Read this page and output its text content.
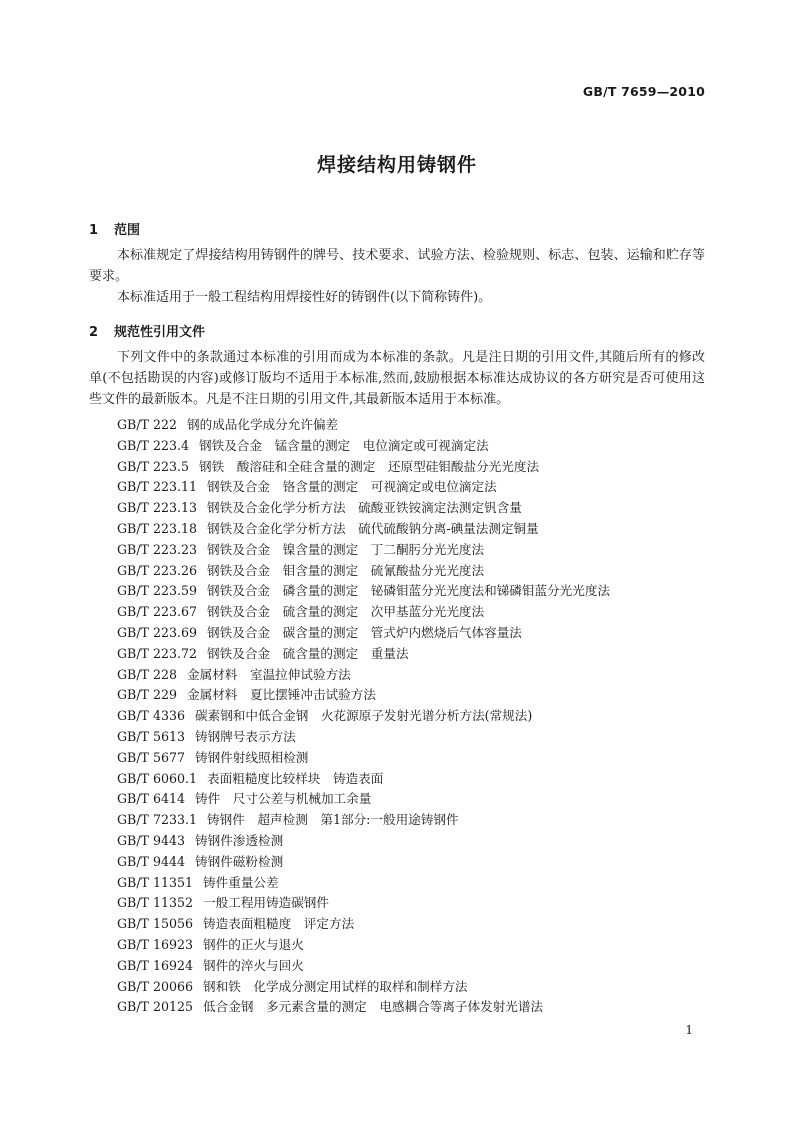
GB/T 7659—2010
焊接结构用铸钢件
1 范围

本标准规定了焊接结构用铸钢件的牌号、技术要求、试验方法、检验规则、标志、包装、运输和贮存等要求。

本标准适用于一般工程结构用焊接性好的铸钢件(以下简称铸件)。

2 规范性引用文件

下列文件中的条款通过本标准的引用而成为本标准的条款。凡是注日期的引用文件,其随后所有的修改单(不包括勘误的内容)或修订版均不适用于本标准,然而,鼓励根据本标准达成协议的各方研究是否可使用这些文件的最新版本。凡是不注日期的引用文件,其最新版本适用于本标准。

GB/T 222 钢的成品化学成分允许偏差
GB/T 223.4 钢铁及合金　锰含量的测定　电位滴定或可视滴定法
GB/T 223.5 钢铁　酸溶硅和全硅含量的测定　还原型硅钼酸盐分光光度法
GB/T 223.11 钢铁及合金　铬含量的测定　可视滴定或电位滴定法
GB/T 223.13 钢铁及合金化学分析方法　硫酸亚铁铵滴定法测定钒含量
GB/T 223.18 钢铁及合金化学分析方法　硫代硫酸钠分离-碘量法测定铜量
GB/T 223.23 钢铁及合金　镍含量的测定　丁二酮肟分光光度法
GB/T 223.26 钢铁及合金　钼含量的测定　硫氰酸盐分光光度法
GB/T 223.59 钢铁及合金　磷含量的测定　铋磷钼蓝分光光度法和锑磷钼蓝分光光度法
GB/T 223.67 钢铁及合金　硫含量的测定　次甲基蓝分光光度法
GB/T 223.69 钢铁及合金　碳含量的测定　管式炉内燃烧后气体容量法
GB/T 223.72 钢铁及合金　硫含量的测定　重量法
GB/T 228 金属材料　室温拉伸试验方法
GB/T 229 金属材料　夏比摆锤冲击试验方法
GB/T 4336 碳素钢和中低合金钢　火花源原子发射光谱分析方法(常规法)
GB/T 5613 铸钢牌号表示方法
GB/T 5677 铸钢件射线照相检测
GB/T 6060.1 表面粗糙度比较样块　铸造表面
GB/T 6414 铸件　尺寸公差与机械加工余量
GB/T 7233.1 铸钢件　超声检测　第1部分:一般用途铸钢件
GB/T 9443 铸钢件渗透检测
GB/T 9444 铸钢件磁粉检测
GB/T 11351 铸件重量公差
GB/T 11352 一般工程用铸造碳钢件
GB/T 15056 铸造表面粗糙度　评定方法
GB/T 16923 钢件的正火与退火
GB/T 16924 钢件的淬火与回火
GB/T 20066 钢和铁　化学成分测定用试样的取样和制样方法
GB/T 20125 低合金钢　多元素含量的测定　电感耦合等离子体发射光谱法
1
